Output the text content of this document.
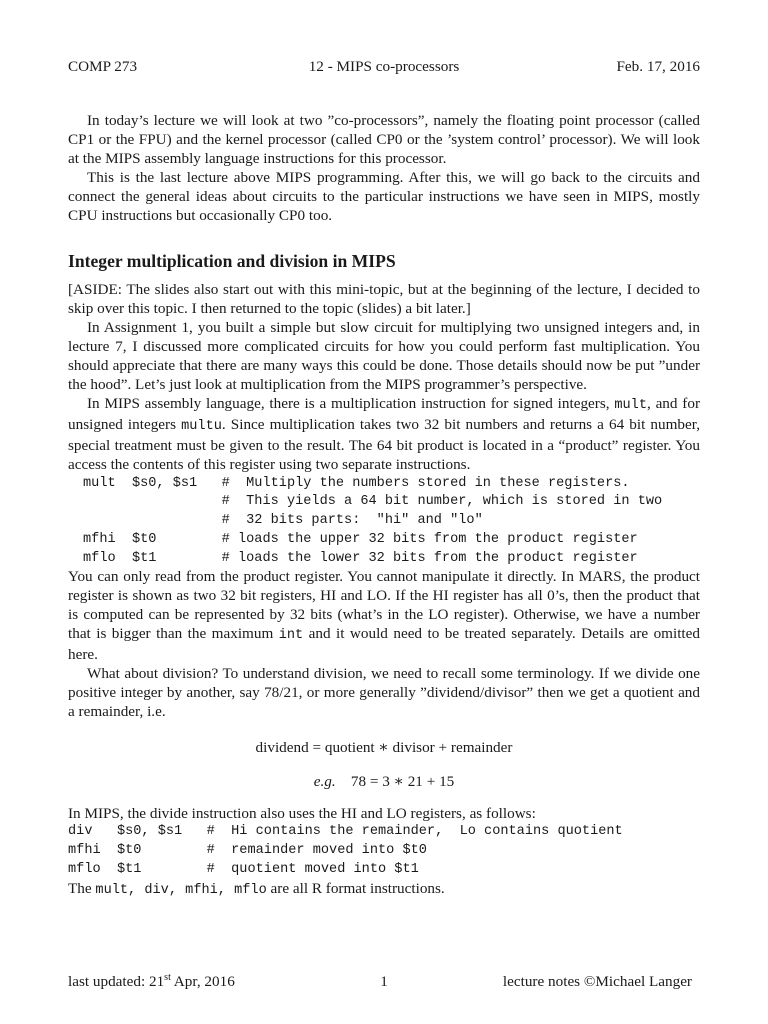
COMP 273	12 - MIPS co-processors	Feb. 17, 2016

In today’s lecture we will look at two ”co-processors”, namely the floating point processor (called CP1 or the FPU) and the kernel processor (called CP0 or the ’system control’ processor). We will look at the MIPS assembly language instructions for this processor.

This is the last lecture above MIPS programming. After this, we will go back to the circuits and connect the general ideas about circuits to the particular instructions we have seen in MIPS, mostly CPU instructions but occasionally CP0 too.

Integer multiplication and division in MIPS

[ASIDE: The slides also start out with this mini-topic, but at the beginning of the lecture, I decided to skip over this topic. I then returned to the topic (slides) a bit later.]

In Assignment 1, you built a simple but slow circuit for multiplying two unsigned integers and, in lecture 7, I discussed more complicated circuits for how you could perform fast multiplication. You should appreciate that there are many ways this could be done. Those details should now be put ”under the hood”. Let’s just look at multiplication from the MIPS programmer’s perspective.

In MIPS assembly language, there is a multiplication instruction for signed integers, mult, and for unsigned integers multu. Since multiplication takes two 32 bit numbers and returns a 64 bit number, special treatment must be given to the result. The 64 bit product is located in a “product” register. You access the contents of this register using two separate instructions.

mult  $s0, $s1   #  Multiply the numbers stored in these registers.
#  This yields a 64 bit number, which is stored in two
#  32 bits parts:  "hi" and "lo"
mfhi  $t0        # loads the upper 32 bits from the product register
mflo  $t1        # loads the lower 32 bits from the product register

You can only read from the product register. You cannot manipulate it directly. In MARS, the product register is shown as two 32 bit registers, HI and LO. If the HI register has all 0’s, then the product that is computed can be represented by 32 bits (what’s in the LO register). Otherwise, we have a number that is bigger than the maximum int and it would need to be treated separately. Details are omitted here.

What about division? To understand division, we need to recall some terminology. If we divide one positive integer by another, say 78/21, or more generally ”dividend/divisor” then we get a quotient and a remainder, i.e.

dividend = quotient ∗ divisor + remainder
e.g. 78 = 3 ∗ 21 + 15

In MIPS, the divide instruction also uses the HI and LO registers, as follows:

div   $s0, $s1   #  Hi contains the remainder,  Lo contains quotient
mfhi  $t0        #  remainder moved into $t0
mflo  $t1        #  quotient moved into $t1

The mult, div, mfhi, mflo are all R format instructions.

last updated: 21st Apr, 2016	1	lecture notes ©Michael Langer
